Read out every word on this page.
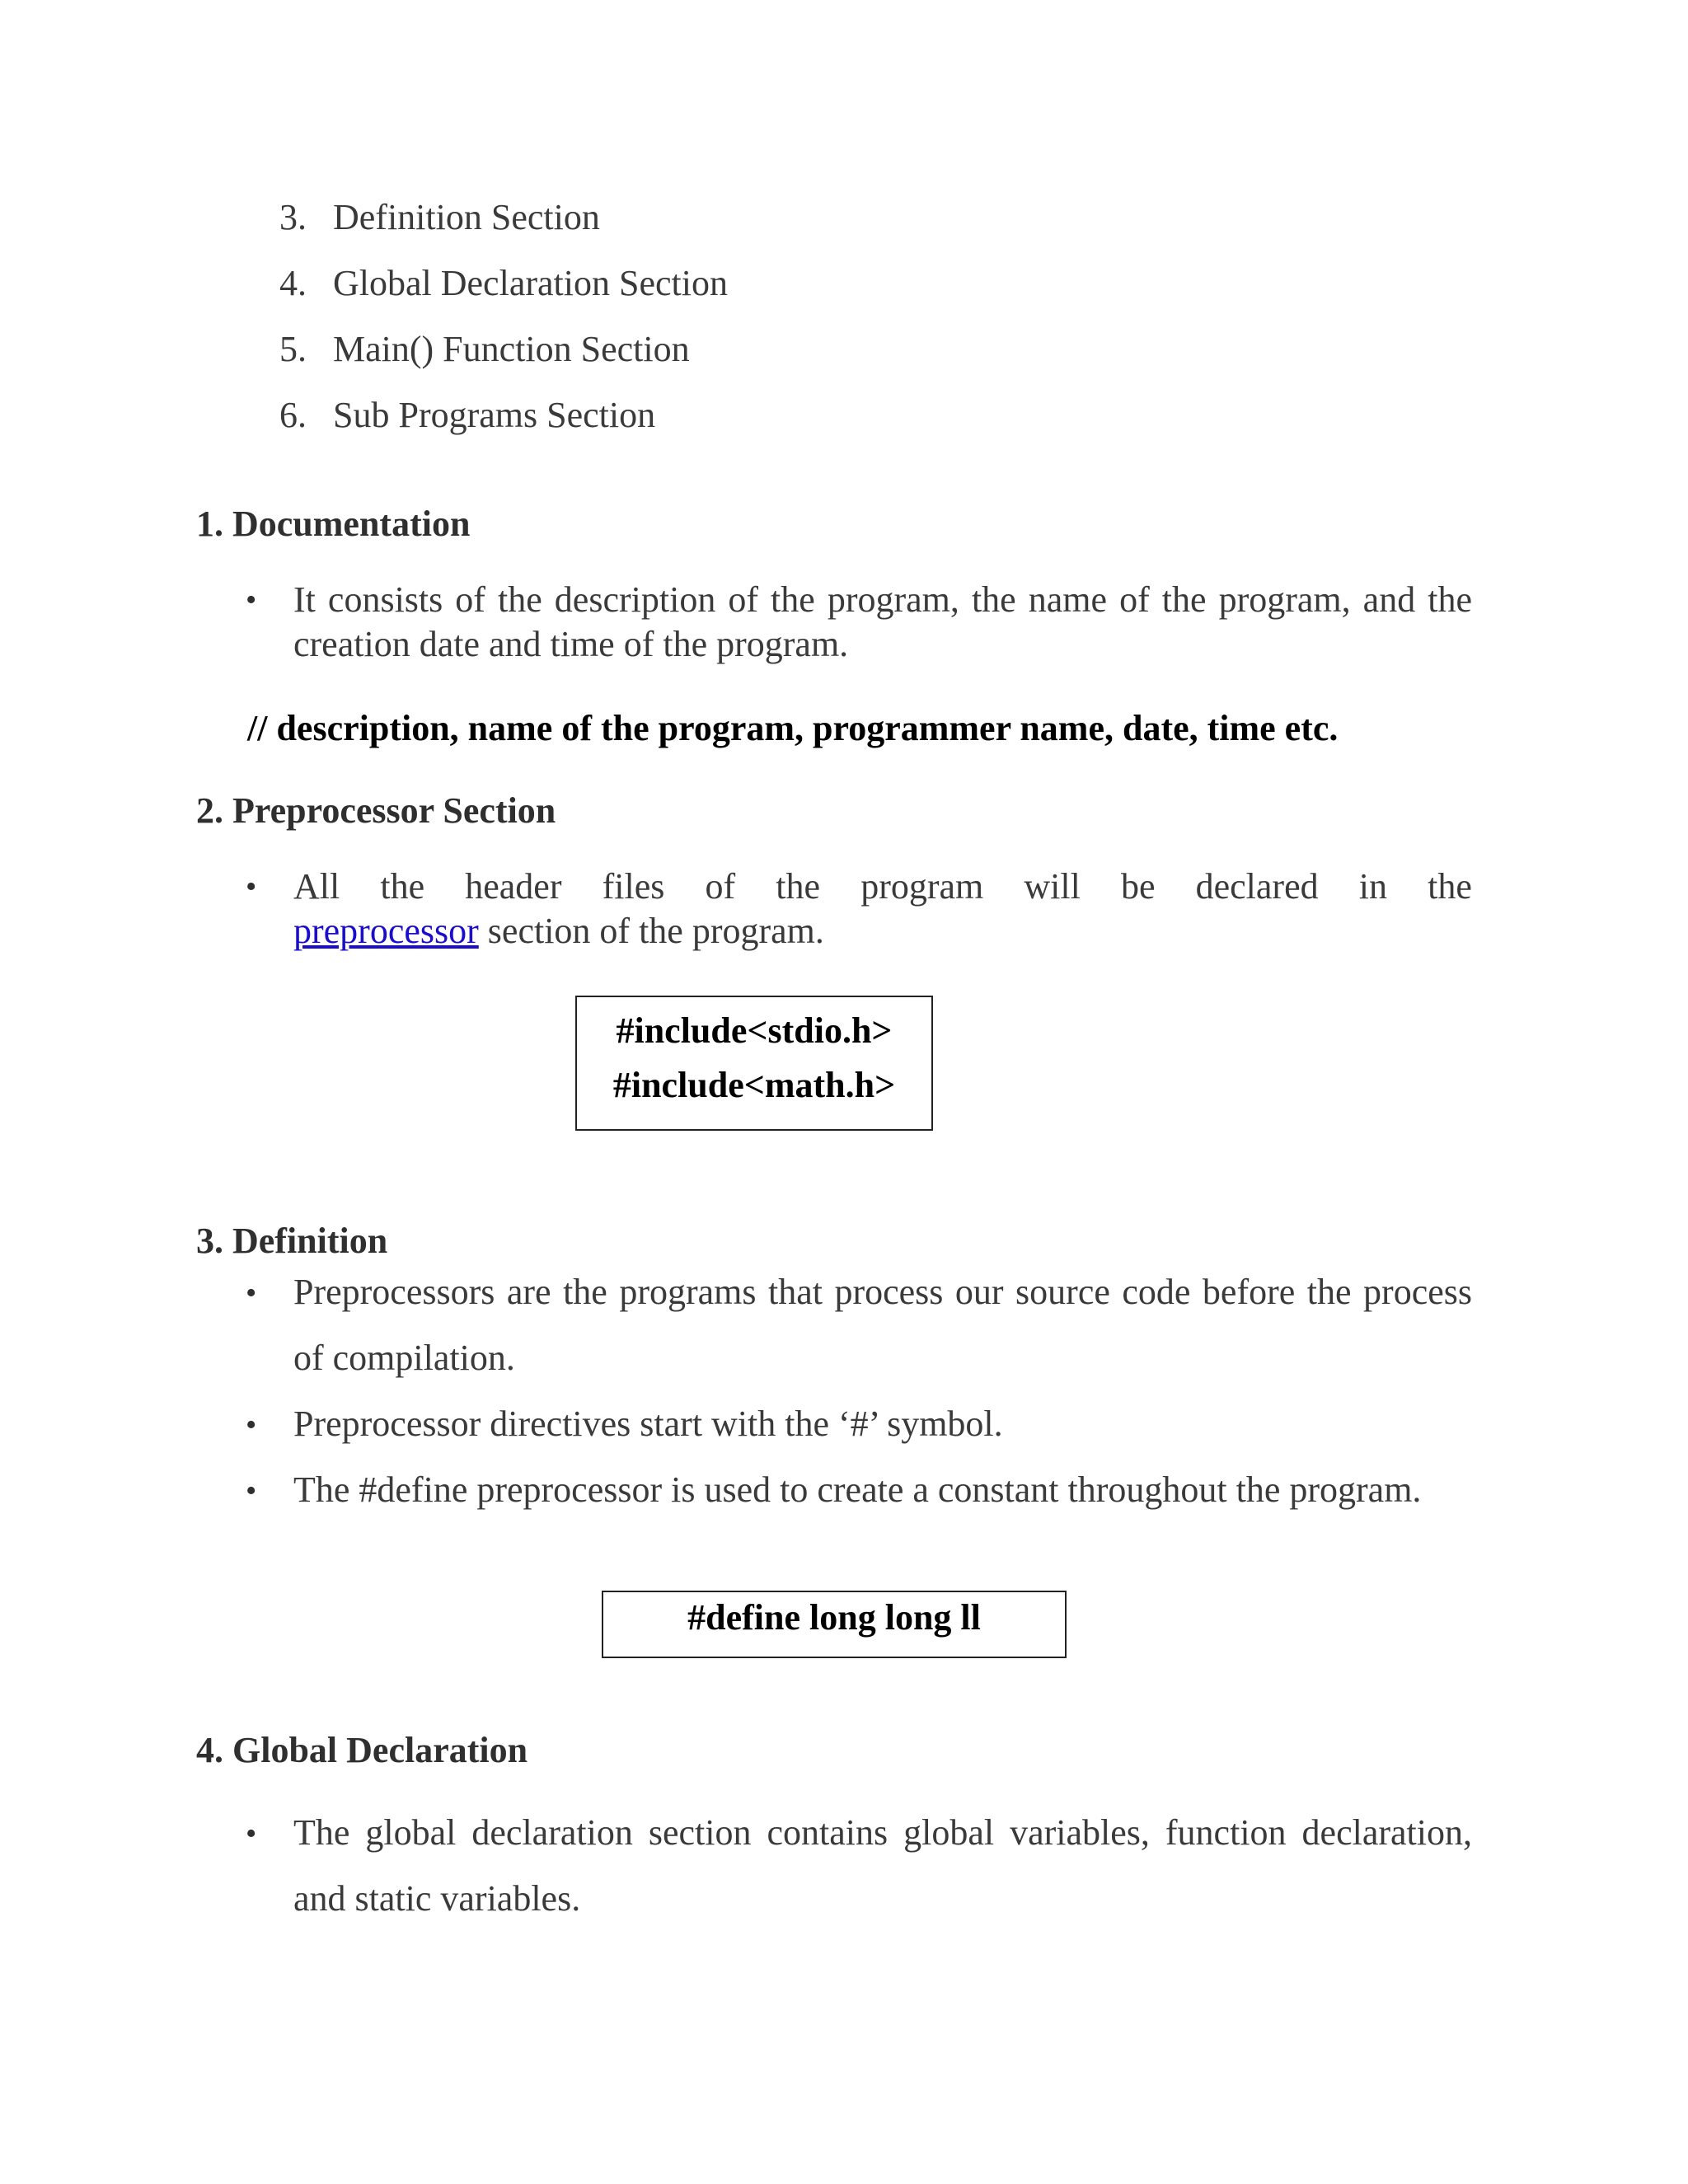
3. Definition Section
4. Global Declaration Section
5. Main() Function Section
6. Sub Programs Section
1. Documentation
• It consists of the description of the program, the name of the program, and the creation date and time of the program.
// description, name of the program, programmer name, date, time etc.
2. Preprocessor Section
• All the header files of the program will be declared in the
preprocessor section of the program.
#include<stdio.h>
#include<math.h>
3. Definition
• Preprocessors are the programs that process our source code before the process of compilation.
• Preprocessor directives start with the ‘#’ symbol.
• The #define preprocessor is used to create a constant throughout the program.
#define long long ll
4. Global Declaration
• The global declaration section contains global variables, function declaration, and static variables.
